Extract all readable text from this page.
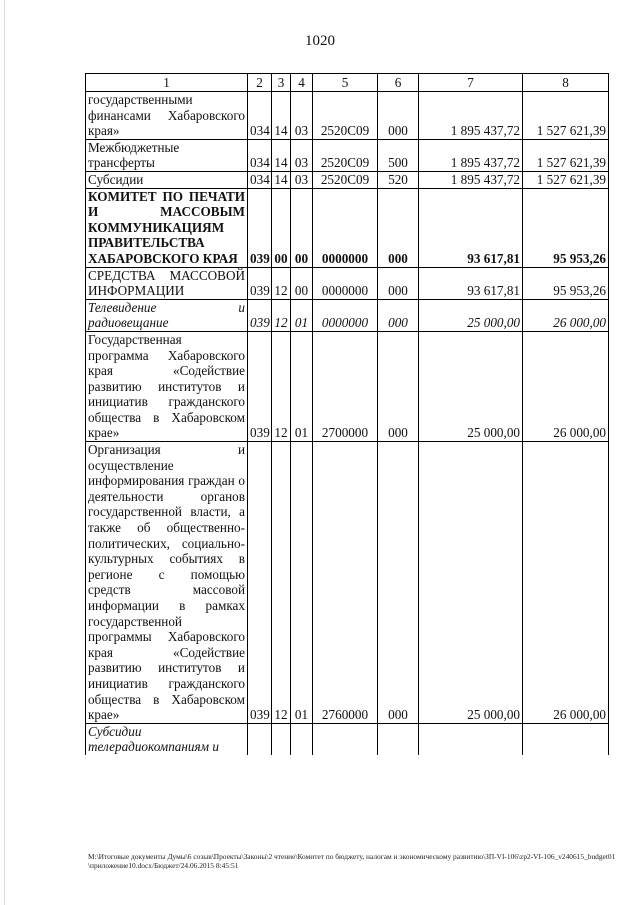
1020
1	2	3	4	5	6	7	8
государственными финансами Хабаровского края»	034	14	03	2520С09	000	1 895 437,72	1 527 621,39
Межбюджетные трансферты	034	14	03	2520С09	500	1 895 437,72	1 527 621,39
Субсидии	034	14	03	2520С09	520	1 895 437,72	1 527 621,39
КОМИТЕТ ПО ПЕЧАТИ И МАССОВЫМ КОММУНИКАЦИЯМ ПРАВИТЕЛЬСТВА ХАБАРОВСКОГО КРАЯ	039	00	00	0000000	000	93 617,81	95 953,26
СРЕДСТВА МАССОВОЙ ИНФОРМАЦИИ	039	12	00	0000000	000	93 617,81	95 953,26
Телевидение и радиовещание	039	12	01	0000000	000	25 000,00	26 000,00
Государственная программа Хабаровского края «Содействие развитию институтов и инициатив гражданского общества в Хабаровском крае»	039	12	01	2700000	000	25 000,00	26 000,00
Организация и осуществление информирования граждан о деятельности органов государственной власти, а также об общественно-политических, социально-культурных событиях в регионе с помощью средств массовой информации в рамках государственной программы Хабаровского края «Содействие развитию институтов и инициатив гражданского общества в Хабаровском крае»	039	12	01	2760000	000	25 000,00	26 000,00
Субсидии телерадиокомпаниям и							
М:\Итоговые документы Думы\6 созыв\Проекты\Законы\2 чтение\Комитет по бюджету, налогам и экономическому развитию\ЗП-VI-106\zp2-VI-106_v240615_budget01\приложение10.docx/Бюджет/24.06.2015 8:45:51
